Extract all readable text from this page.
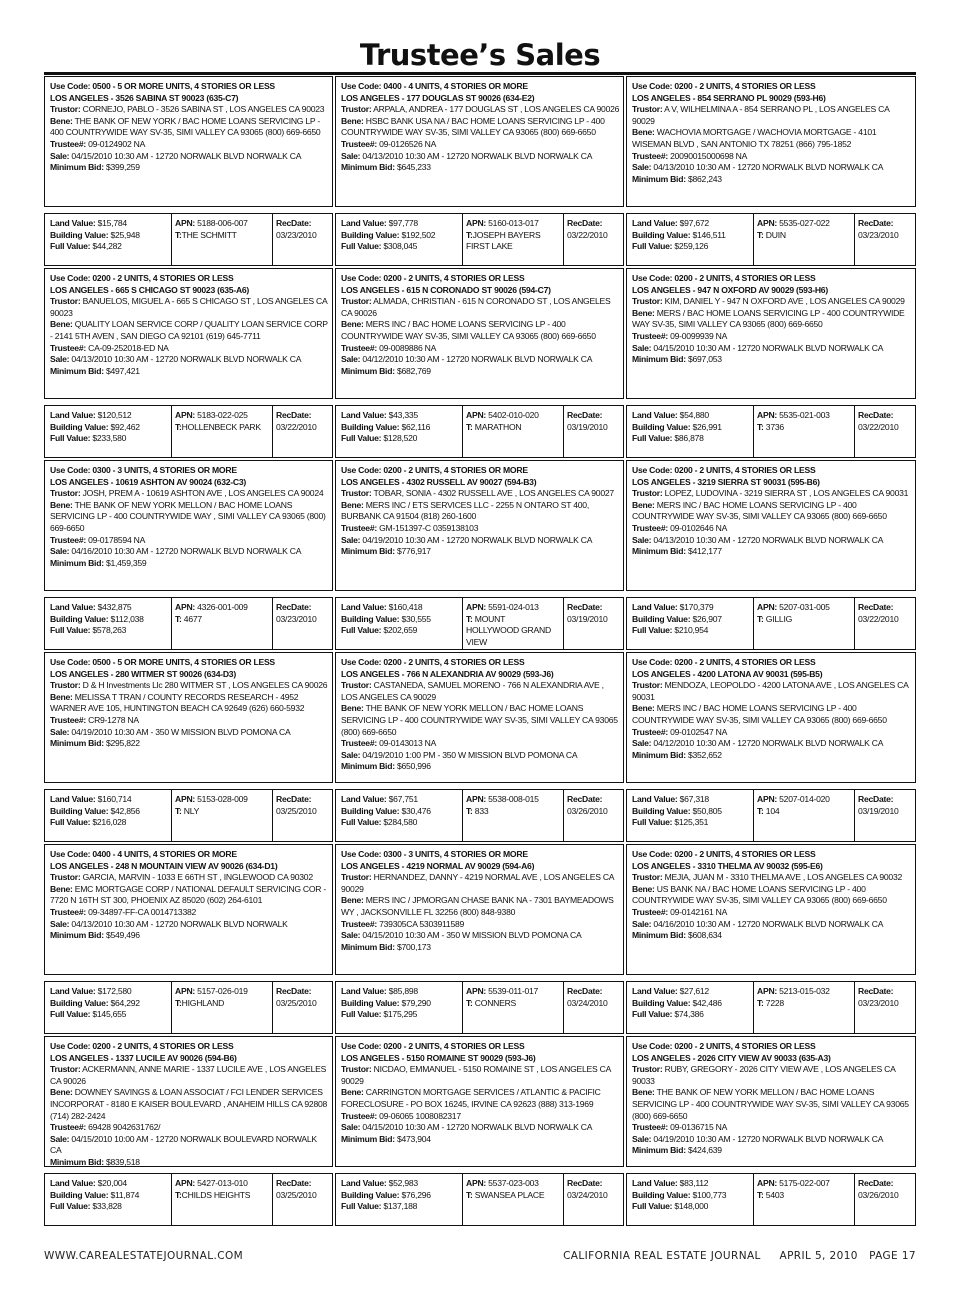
Trustee’s Sales
Use Code: 0500 - 5 OR MORE UNITS, 4 STORIES OR LESS
LOS ANGELES - 3526 SABINA ST 90023 (635-C7)
Trustor: CORNEJO, PABLO - 3526 SABINA ST , LOS ANGELES CA 90023
Bene: THE BANK OF NEW YORK / BAC HOME LOANS SERVICING LP - 400 COUNTRYWIDE WAY SV-35, SIMI VALLEY CA 93065 (800) 669-6650
Trustee#: 09-0124902 NA
Sale: 04/15/2010 10:30 AM - 12720 NORWALK BLVD NORWALK CA
Minimum Bid: $399,259
Land Value: $15,784
Building Value: $25,948
Full Value: $44,282
APN: 5188-006-007
T:THE SCHMITT
RecDate:
03/23/2010
Use Code: 0200 - 2 UNITS, 4 STORIES OR LESS
LOS ANGELES - 665 S CHICAGO ST 90023 (635-A6)
Trustor: BANUELOS, MIGUEL A - 665 S CHICAGO ST , LOS ANGELES CA 90023
Bene: QUALITY LOAN SERVICE CORP / QUALITY LOAN SERVICE CORP - 2141 5TH AVEN , SAN DIEGO CA 92101 (619) 645-7711
Trustee#: CA-09-252018-ED NA
Sale: 04/13/2010 10:30 AM - 12720 NORWALK BLVD NORWALK CA
Minimum Bid: $497,421
Land Value: $120,512
Building Value: $92,462
Full Value: $233,580
APN: 5183-022-025
T:HOLLENBECK PARK
RecDate:
03/22/2010
Use Code: 0300 - 3 UNITS, 4 STORIES OR MORE
LOS ANGELES - 10619 ASHTON AV 90024 (632-C3)
Trustor: JOSH, PREM A - 10619 ASHTON AVE , LOS ANGELES CA 90024
Bene: THE BANK OF NEW YORK MELLON / BAC HOME LOANS SERVICING LP - 400 COUNTRYWIDE WAY , SIMI VALLEY CA 93065 (800) 669-6650
Trustee#: 09-0178594 NA
Sale: 04/16/2010 10:30 AM - 12720 NORWALK BLVD NORWALK CA
Minimum Bid: $1,459,359
Land Value: $432,875
Building Value: $112,038
Full Value: $578,263
APN: 4326-001-009
T: 4677
RecDate:
03/23/2010
Use Code: 0500 - 5 OR MORE UNITS, 4 STORIES OR LESS
LOS ANGELES - 280 WITMER ST 90026 (634-D3)
Trustor: D & H Investments Llc 280 WITMER ST , LOS ANGELES CA 90026
Bene: MELISSA T TRAN / COUNTY RECORDS RESEARCH - 4952 WARNER AVE 105, HUNTINGTON BEACH CA 92649 (626) 660-5932
Trustee#: CR9-1278 NA
Sale: 04/19/2010 10:30 AM - 350 W MISSION BLVD POMONA CA
Minimum Bid: $295,822
Land Value: $160,714
Building Value: $42,856
Full Value: $216,028
APN: 5153-028-009
T: NLY
RecDate:
03/25/2010
Use Code: 0400 - 4 UNITS, 4 STORIES OR MORE
LOS ANGELES - 248 N MOUNTAIN VIEW AV 90026 (634-D1)
Trustor: GARCIA, MARVIN - 1033 E 66TH ST , INGLEWOOD CA 90302
Bene: EMC MORTGAGE CORP / NATIONAL DEFAULT SERVICING COR - 7720 N 16TH ST 300, PHOENIX AZ 85020 (602) 264-6101
Trustee#: 09-34897-FF-CA 0014713382
Sale: 04/13/2010 10:30 AM - 12720 NORWALK BLVD NORWALK
Minimum Bid: $549,496
Land Value: $172,580
Building Value: $64,292
Full Value: $145,655
APN: 5157-026-019
T:HIGHLAND
RecDate:
03/25/2010
Use Code: 0200 - 2 UNITS, 4 STORIES OR LESS
LOS ANGELES - 1337 LUCILE AV 90026 (594-B6)
Trustor: ACKERMANN, ANNE MARIE - 1337 LUCILE AVE , LOS ANGELES CA 90026
Bene: DOWNEY SAVINGS & LOAN ASSOCIAT / FCI LENDER SERVICES INCORPORAT - 8180 E KAISER BOULEVARD , ANAHEIM HILLS CA 92808 (714) 282-2424
Trustee#: 69428 9042631762/
Sale: 04/15/2010 10:00 AM - 12720 NORWALK BOULEVARD NORWALK CA
Minimum Bid: $839,518
Land Value: $20,004
Building Value: $11,874
Full Value: $33,828
APN: 5427-013-010
T:CHILDS HEIGHTS
RecDate:
03/25/2010
Use Code: 0400 - 4 UNITS, 4 STORIES OR MORE
LOS ANGELES - 177 DOUGLAS ST 90026 (634-E2)
Trustor: ARPALA, ANDREA - 177 DOUGLAS ST , LOS ANGELES CA 90026
Bene: HSBC BANK USA NA / BAC HOME LOANS SERVICING LP - 400 COUNTRYWIDE WAY SV-35, SIMI VALLEY CA 93065 (800) 669-6650
Trustee#: 09-0126526 NA
Sale: 04/13/2010 10:30 AM - 12720 NORWALK BLVD NORWALK CA
Minimum Bid: $645,233
Land Value: $97,778
Building Value: $192,502
Full Value: $308,045
APN: 5160-013-017
T:JOSEPH BAYERS FIRST LAKE
RecDate:
03/22/2010
Use Code: 0200 - 2 UNITS, 4 STORIES OR LESS
LOS ANGELES - 615 N CORONADO ST 90026 (594-C7)
Trustor: ALMADA, CHRISTIAN - 615 N CORONADO ST , LOS ANGELES CA 90026
Bene: MERS INC / BAC HOME LOANS SERVICING LP - 400 COUNTRYWIDE WAY SV-35, SIMI VALLEY CA 93065 (800) 669-6650
Trustee#: 09-0089886 NA
Sale: 04/12/2010 10:30 AM - 12720 NORWALK BLVD NORWALK CA
Minimum Bid: $682,769
Land Value: $43,335
Building Value: $62,116
Full Value: $128,520
APN: 5402-010-020
T: MARATHON
RecDate:
03/19/2010
Use Code: 0200 - 2 UNITS, 4 STORIES OR MORE
LOS ANGELES - 4302 RUSSELL AV 90027 (594-B3)
Trustor: TOBAR, SONIA - 4302 RUSSELL AVE , LOS ANGELES CA 90027
Bene: MERS INC / ETS SERVICES LLC - 2255 N ONTARO ST 400, BURBANK CA 91504 (818) 260-1600
Trustee#: GM-151397-C 0359138103
Sale: 04/19/2010 10:30 AM - 12720 NORWALK BLVD NORWALK CA
Minimum Bid: $776,917
Land Value: $160,418
Building Value: $30,555
Full Value: $202,659
APN: 5591-024-013
T: MOUNT HOLLYWOOD GRAND VIEW
RecDate:
03/19/2010
Use Code: 0200 - 2 UNITS, 4 STORIES OR LESS
LOS ANGELES - 766 N ALEXANDRIA AV 90029 (593-J6)
Trustor: CASTANEDA, SAMUEL MORENO - 766 N ALEXANDRIA AVE , LOS ANGELES CA 90029
Bene: THE BANK OF NEW YORK MELLON / BAC HOME LOANS SERVICING LP - 400 COUNTRYWIDE WAY SV-35, SIMI VALLEY CA 93065 (800) 669-6650
Trustee#: 09-0143013 NA
Sale: 04/19/2010 1:00 PM - 350 W MISSION BLVD POMONA CA
Minimum Bid: $650,996
Land Value: $67,751
Building Value: $30,476
Full Value: $284,580
APN: 5538-008-015
T: 833
RecDate:
03/26/2010
Use Code: 0300 - 3 UNITS, 4 STORIES OR MORE
LOS ANGELES - 4219 NORMAL AV 90029 (594-A6)
Trustor: HERNANDEZ, DANNY - 4219 NORMAL AVE , LOS ANGELES CA 90029
Bene: MERS INC / JPMORGAN CHASE BANK NA - 7301 BAYMEADOWS WY , JACKSONVILLE FL 32256 (800) 848-9380
Trustee#: 739305CA 5303911589
Sale: 04/15/2010 10:30 AM - 350 W MISSION BLVD POMONA CA
Minimum Bid: $700,173
Land Value: $85,898
Building Value: $79,290
Full Value: $175,295
APN: 5539-011-017
T: CONNERS
RecDate:
03/24/2010
Use Code: 0200 - 2 UNITS, 4 STORIES OR LESS
LOS ANGELES - 5150 ROMAINE ST 90029 (593-J6)
Trustor: NICDAO, EMMANUEL - 5150 ROMAINE ST , LOS ANGELES CA 90029
Bene: CARRINGTON MORTGAGE SERVICES / ATLANTIC & PACIFIC FORECLOSURE - PO BOX 16245, IRVINE CA 92623 (888) 313-1969
Trustee#: 09-06065 1008082317
Sale: 04/15/2010 10:30 AM - 12720 NORWALK BLVD NORWALK CA
Minimum Bid: $473,904
Land Value: $52,983
Building Value: $76,296
Full Value: $137,188
APN: 5537-023-003
T: SWANSEA PLACE
RecDate:
03/24/2010
Use Code: 0200 - 2 UNITS, 4 STORIES OR LESS
LOS ANGELES - 854 SERRANO PL 90029 (593-H6)
Trustor: A V, WILHELMINA A - 854 SERRANO PL , LOS ANGELES CA 90029
Bene: WACHOVIA MORTGAGE / WACHOVIA MORTGAGE - 4101 WISEMAN BLVD , SAN ANTONIO TX 78251 (866) 795-1852
Trustee#: 20090015000698 NA
Sale: 04/13/2010 10:30 AM - 12720 NORWALK BLVD NORWALK CA
Minimum Bid: $862,243
Land Value: $97,672
Building Value: $146,511
Full Value: $259,126
APN: 5535-027-022
T: DUIN
RecDate:
03/23/2010
Use Code: 0200 - 2 UNITS, 4 STORIES OR LESS
LOS ANGELES - 947 N OXFORD AV 90029 (593-H6)
Trustor: KIM, DANIEL Y - 947 N OXFORD AVE , LOS ANGELES CA 90029
Bene: MERS / BAC HOME LOANS SERVICING LP - 400 COUNTRYWIDE WAY SV-35, SIMI VALLEY CA 93065 (800) 669-6650
Trustee#: 09-0099939 NA
Sale: 04/15/2010 10:30 AM - 12720 NORWALK BLVD NORWALK CA
Minimum Bid: $697,053
Land Value: $54,880
Building Value: $26,991
Full Value: $86,878
APN: 5535-021-003
T: 3736
RecDate:
03/22/2010
Use Code: 0200 - 2 UNITS, 4 STORIES OR LESS
LOS ANGELES - 3219 SIERRA ST 90031 (595-B6)
Trustor: LOPEZ, LUDOVINA - 3219 SIERRA ST , LOS ANGELES CA 90031
Bene: MERS INC / BAC HOME LOANS SERVICING LP - 400 COUNTRYWIDE WAY SV-35, SIMI VALLEY CA 93065 (800) 669-6650
Trustee#: 09-0102646 NA
Sale: 04/13/2010 10:30 AM - 12720 NORWALK BLVD NORWALK CA
Minimum Bid: $412,177
Land Value: $170,379
Building Value: $26,907
Full Value: $210,954
APN: 5207-031-005
T: GILLIG
RecDate:
03/22/2010
Use Code: 0200 - 2 UNITS, 4 STORIES OR LESS
LOS ANGELES - 4200 LATONA AV 90031 (595-B5)
Trustor: MENDOZA, LEOPOLDO - 4200 LATONA AVE , LOS ANGELES CA 90031
Bene: MERS INC / BAC HOME LOANS SERVICING LP - 400 COUNTRYWIDE WAY SV-35, SIMI VALLEY CA 93065 (800) 669-6650
Trustee#: 09-0102547 NA
Sale: 04/12/2010 10:30 AM - 12720 NORWALK BLVD NORWALK CA
Minimum Bid: $352,652
Land Value: $67,318
Building Value: $50,805
Full Value: $125,351
APN: 5207-014-020
T: 104
RecDate:
03/19/2010
Use Code: 0200 - 2 UNITS, 4 STORIES OR LESS
LOS ANGELES - 3310 THELMA AV 90032 (595-E6)
Trustor: MEJIA, JUAN M - 3310 THELMA AVE , LOS ANGELES CA 90032
Bene: US BANK NA / BAC HOME LOANS SERVICING LP - 400 COUNTRYWIDE WAY SV-35, SIMI VALLEY CA 93065 (800) 669-6650
Trustee#: 09-0142161 NA
Sale: 04/16/2010 10:30 AM - 12720 NORWALK BLVD NORWALK CA
Minimum Bid: $608,634
Land Value: $27,612
Building Value: $42,486
Full Value: $74,386
APN: 5213-015-032
T: 7228
RecDate:
03/23/2010
Use Code: 0200 - 2 UNITS, 4 STORIES OR LESS
LOS ANGELES - 2026 CITY VIEW AV 90033 (635-A3)
Trustor: RUBY, GREGORY - 2026 CITY VIEW AVE , LOS ANGELES CA 90033
Bene: THE BANK OF NEW YORK MELLON / BAC HOME LOANS SERVICING LP - 400 COUNTRYWIDE WAY SV-35, SIMI VALLEY CA 93065 (800) 669-6650
Trustee#: 09-0136715 NA
Sale: 04/19/2010 10:30 AM - 12720 NORWALK BLVD NORWALK CA
Minimum Bid: $424,639
Land Value: $83,112
Building Value: $100,773
Full Value: $148,000
APN: 5175-022-007
T: 5403
RecDate:
03/26/2010
WWW.CAREALESTATEJOURNAL.COM	CALIFORNIA REAL ESTATE JOURNAL     APRIL 5, 2010   PAGE 17
